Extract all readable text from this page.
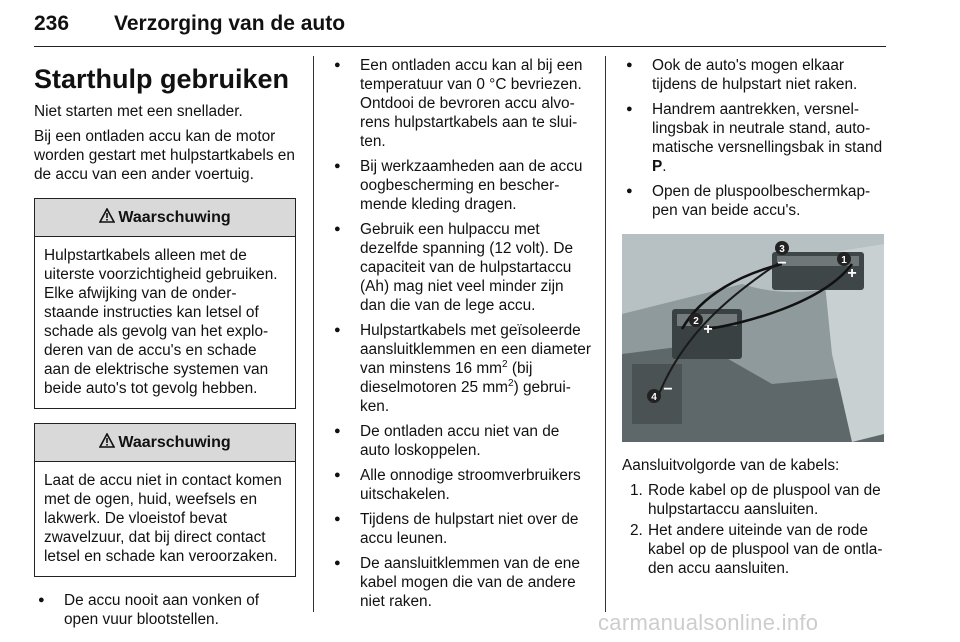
236 Verzorging van de auto
Starthulp gebruiken

Niet starten met een snellader.

Bij een ontladen accu kan de motor worden gestart met hulpstartkabels en de accu van een ander voertuig.

Waarschuwing
Hulpstartkabels alleen met de uiterste voorzichtigheid gebruiken. Elke afwijking van de onderstaande instructies kan letsel of schade als gevolg van het exploderen van de accu's en schade aan de elektrische systemen van beide auto's tot gevolg hebben.
Waarschuwing
Laat de accu niet in contact komen met de ogen, huid, weefsels en lakwerk. De vloeistof bevat zwavelzuur, dat bij direct contact letsel en schade kan veroorzaken.
● De accu nooit aan vonken of open vuur blootstellen.
● Een ontladen accu kan al bij een temperatuur van 0 °C bevriezen. Ontdooi de bevroren accu alvorens hulpstartkabels aan te sluiten.
● Bij werkzaamheden aan de accu oogbescherming en beschermende kleding dragen.
● Gebruik een hulpaccu met dezelfde spanning (12 volt). De capaciteit van de hulpstartaccu (Ah) mag niet veel minder zijn dan die van de lege accu.
● Hulpstartkabels met geïsoleerde aansluitklemmen en een diameter van minstens 16 $mm^2$ (bij dieselmotoren 25 $mm^2$) gebruiken.
● De ontladen accu niet van de auto loskoppelen.
● Alle onnodige stroomverbruikers uitschakelen.
● Tijdens de hulpstart niet over de accu leunen.
● De aansluitklemmen van de ene kabel mogen die van de andere niet raken.
● Ook de auto's mogen elkaar tijdens de hulpstart niet raken.
● Handrem aantrekken, versnellingsbak in neutrale stand, automatische versnellingsbak in stand P.
● Open de pluspoolbeschermkappen van beide accu's.
3
1
2
4
−
+
+
−

Aansluitvolgorde van de kabels:

1. Rode kabel op de pluspool van de hulpstartaccu aansluiten.
2. Het andere uiteinde van de rode kabel op de pluspool van de ontladen accu aansluiten.
carmanualsonline.info
